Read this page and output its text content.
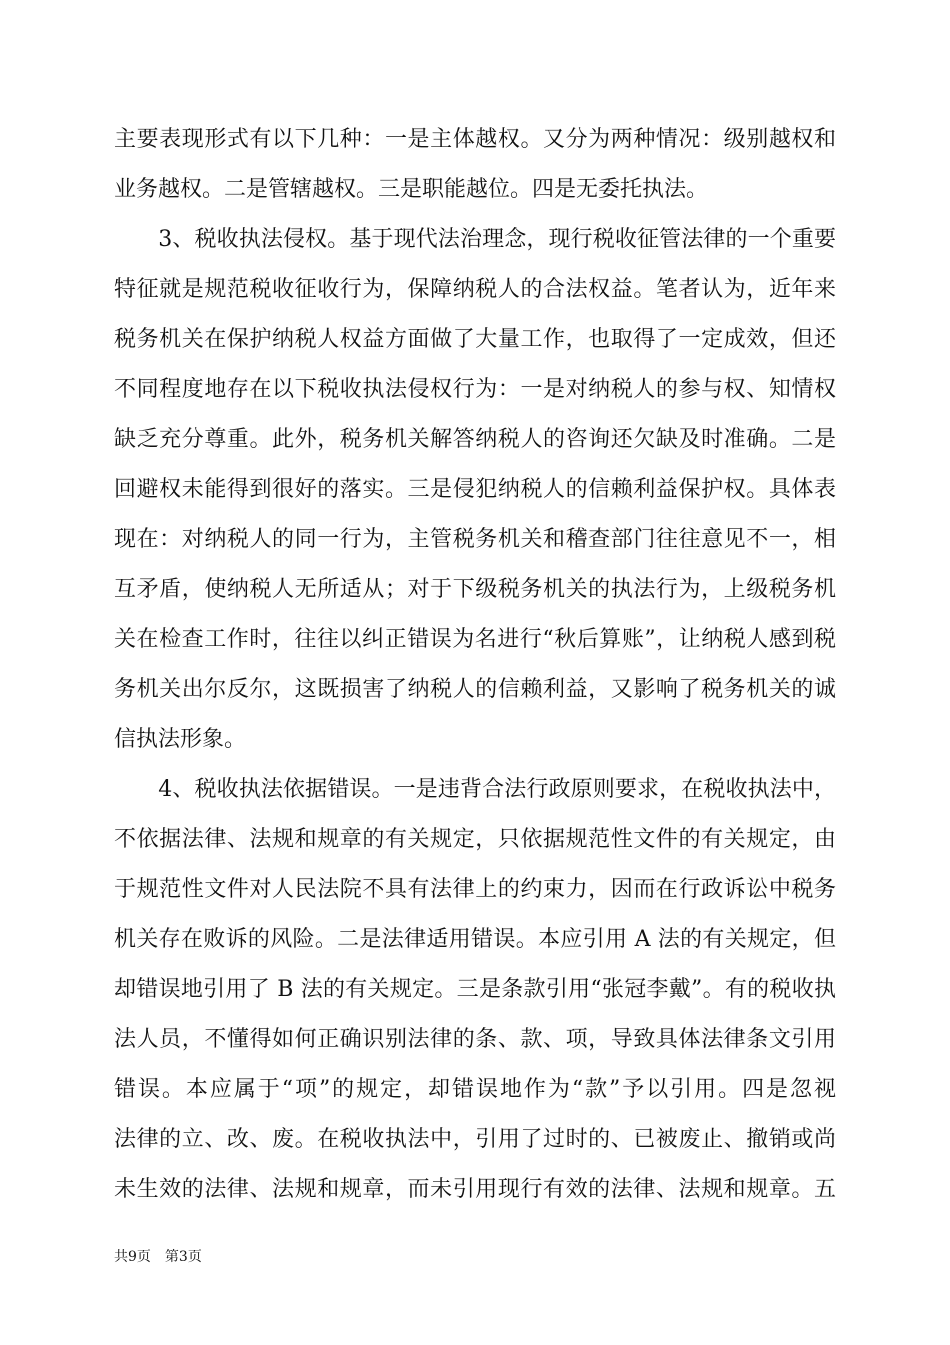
主要表现形式有以下几种：一是主体越权。又分为两种情况：级别越权和
业务越权。二是管辖越权。三是职能越位。四是无委托执法。
　　3、税收执法侵权。基于现代法治理念，现行税收征管法律的一个重要
特征就是规范税收征收行为，保障纳税人的合法权益。笔者认为，近年来
税务机关在保护纳税人权益方面做了大量工作，也取得了一定成效，但还
不同程度地存在以下税收执法侵权行为：一是对纳税人的参与权、知情权
缺乏充分尊重。此外，税务机关解答纳税人的咨询还欠缺及时准确。二是
回避权未能得到很好的落实。三是侵犯纳税人的信赖利益保护权。具体表
现在：对纳税人的同一行为，主管税务机关和稽查部门往往意见不一，相
互矛盾，使纳税人无所适从；对于下级税务机关的执法行为，上级税务机
关在检查工作时，往往以纠正错误为名进行“秋后算账”，让纳税人感到税
务机关出尔反尔，这既损害了纳税人的信赖利益，又影响了税务机关的诚
信执法形象。
　　4、税收执法依据错误。一是违背合法行政原则要求，在税收执法中，
不依据法律、法规和规章的有关规定，只依据规范性文件的有关规定，由
于规范性文件对人民法院不具有法律上的约束力，因而在行政诉讼中税务
机关存在败诉的风险。二是法律适用错误。本应引用 A 法的有关规定，但
却错误地引用了 B 法的有关规定。三是条款引用“张冠李戴”。有的税收执
法人员，不懂得如何正确识别法律的条、款、项，导致具体法律条文引用
错误。本应属于“项”的规定，却错误地作为“款”予以引用。四是忽视
法律的立、改、废。在税收执法中，引用了过时的、已被废止、撤销或尚
未生效的法律、法规和规章，而未引用现行有效的法律、法规和规章。五
共9页 第3页
